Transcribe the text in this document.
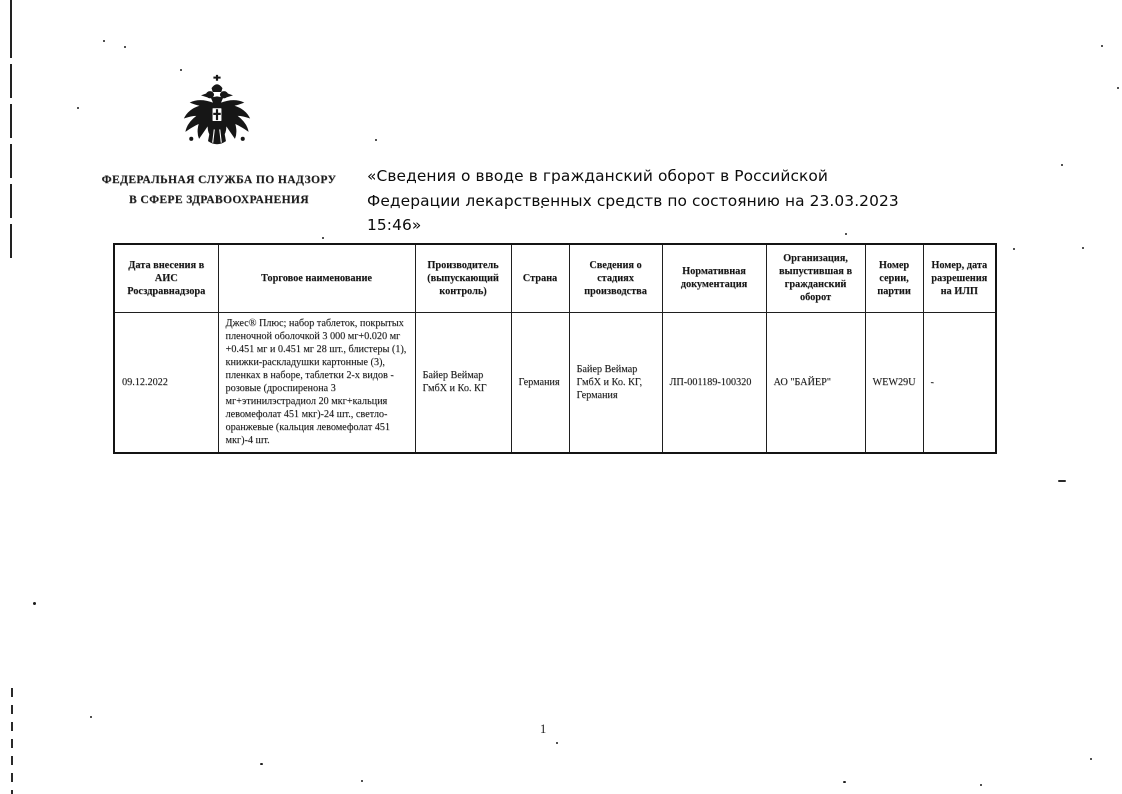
ФЕДЕРАЛЬНАЯ СЛУЖБА ПО НАДЗОРУ
В СФЕРЕ ЗДРАВООХРАНЕНИЯ
«Сведения о вводе в гражданский оборот в Российской Федерации лекарственных средств по состоянию на 23.03.2023 15:46»
Дата внесения в АИС Росздравнадзора	Торговое наименование	Производитель (выпускающий контроль)	Страна	Сведения о стадиях производства	Нормативная документация	Организация, выпустившая в гражданский оборот	Номер серии, партии	Номер, дата разрешения на ИЛП
09.12.2022	Джес® Плюс; набор таблеток, покрытых пленочной оболочкой 3 000 мг+0.020 мг +0.451 мг и 0.451 мг 28 шт., блистеры (1), книжки-раскладушки картонные (3), пленках в наборе, таблетки 2-х видов - розовые (дроспиренона 3 мг+этинилэстрадиол 20 мкг+кальция левомефолат 451 мкг)-24 шт., светло-оранжевые (кальция левомефолат 451 мкг)-4 шт.	Байер Веймар ГмбХ и Ко. КГ	Германия	Байер Веймар ГмбХ и Ко. КГ, Германия	ЛП-001189-100320	АО "БАЙЕР"	WEW29U	-
1
